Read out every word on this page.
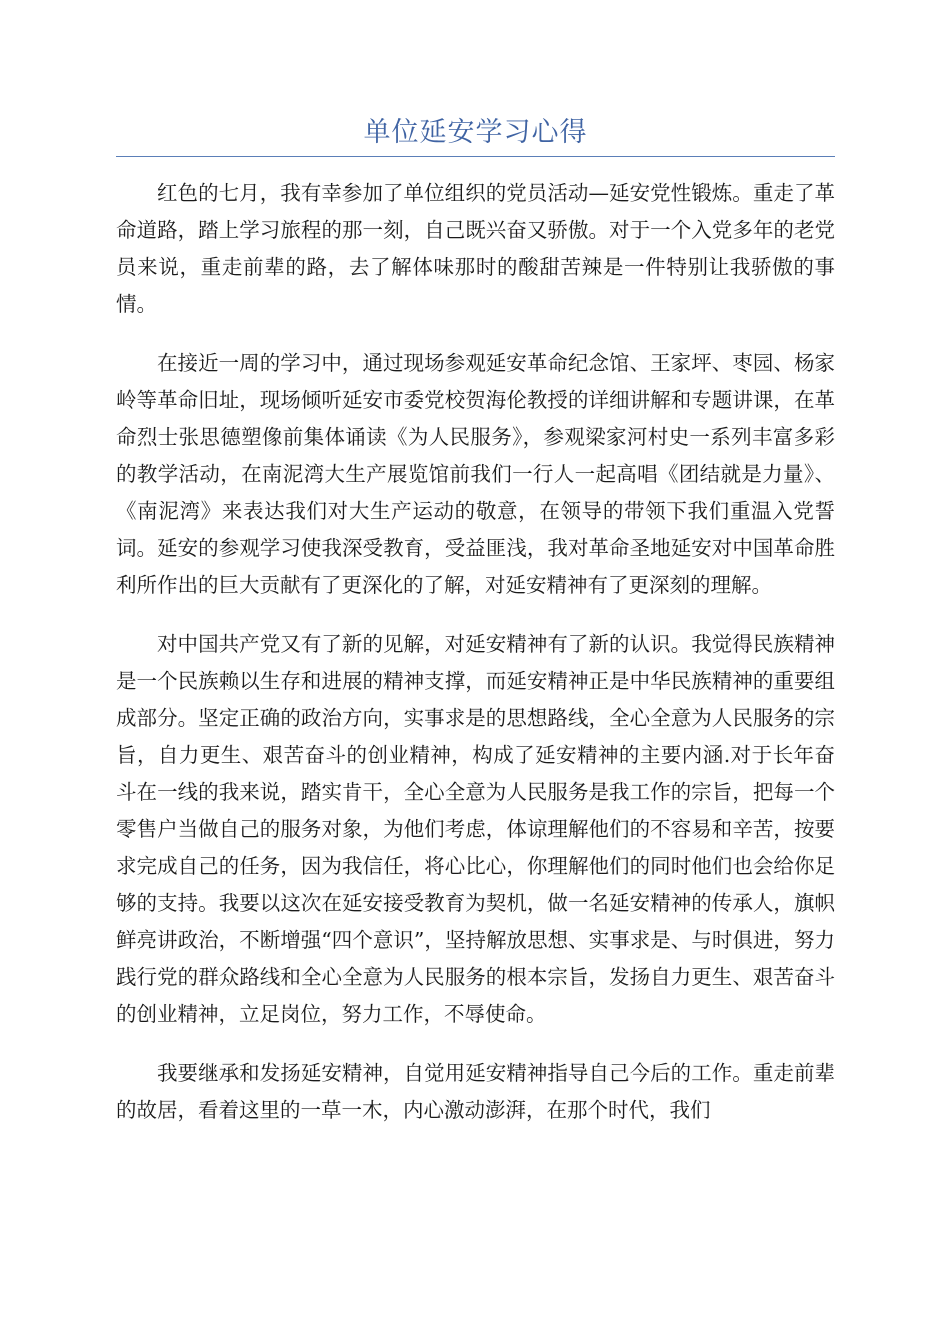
单位延安学习心得

红色的七月，我有幸参加了单位组织的党员活动—延安党性锻炼。重走了革命道路，踏上学习旅程的那一刻，自己既兴奋又骄傲。对于一个入党多年的老党员来说，重走前辈的路，去了解体味那时的酸甜苦辣是一件特别让我骄傲的事情。

在接近一周的学习中，通过现场参观延安革命纪念馆、王家坪、枣园、杨家岭等革命旧址，现场倾听延安市委党校贺海伦教授的详细讲解和专题讲课，在革命烈士张思德塑像前集体诵读《为人民服务》，参观梁家河村史一系列丰富多彩的教学活动，在南泥湾大生产展览馆前我们一行人一起高唱《团结就是力量》、《南泥湾》来表达我们对大生产运动的敬意，在领导的带领下我们重温入党誓词。延安的参观学习使我深受教育，受益匪浅，我对革命圣地延安对中国革命胜利所作出的巨大贡献有了更深化的了解，对延安精神有了更深刻的理解。

对中国共产党又有了新的见解，对延安精神有了新的认识。我觉得民族精神是一个民族赖以生存和进展的精神支撑，而延安精神正是中华民族精神的重要组成部分。坚定正确的政治方向，实事求是的思想路线，全心全意为人民服务的宗旨，自力更生、艰苦奋斗的创业精神，构成了延安精神的主要内涵.对于长年奋斗在一线的我来说，踏实肯干，全心全意为人民服务是我工作的宗旨，把每一个零售户当做自己的服务对象，为他们考虑，体谅理解他们的不容易和辛苦，按要求完成自己的任务，因为我信任，将心比心，你理解他们的同时他们也会给你足够的支持。我要以这次在延安接受教育为契机，做一名延安精神的传承人，旗帜鲜亮讲政治，不断增强“四个意识”，坚持解放思想、实事求是、与时俱进，努力践行党的群众路线和全心全意为人民服务的根本宗旨，发扬自力更生、艰苦奋斗的创业精神，立足岗位，努力工作，不辱使命。

我要继承和发扬延安精神，自觉用延安精神指导自己今后的工作。重走前辈的故居，看着这里的一草一木，内心激动澎湃，在那个时代，我们
